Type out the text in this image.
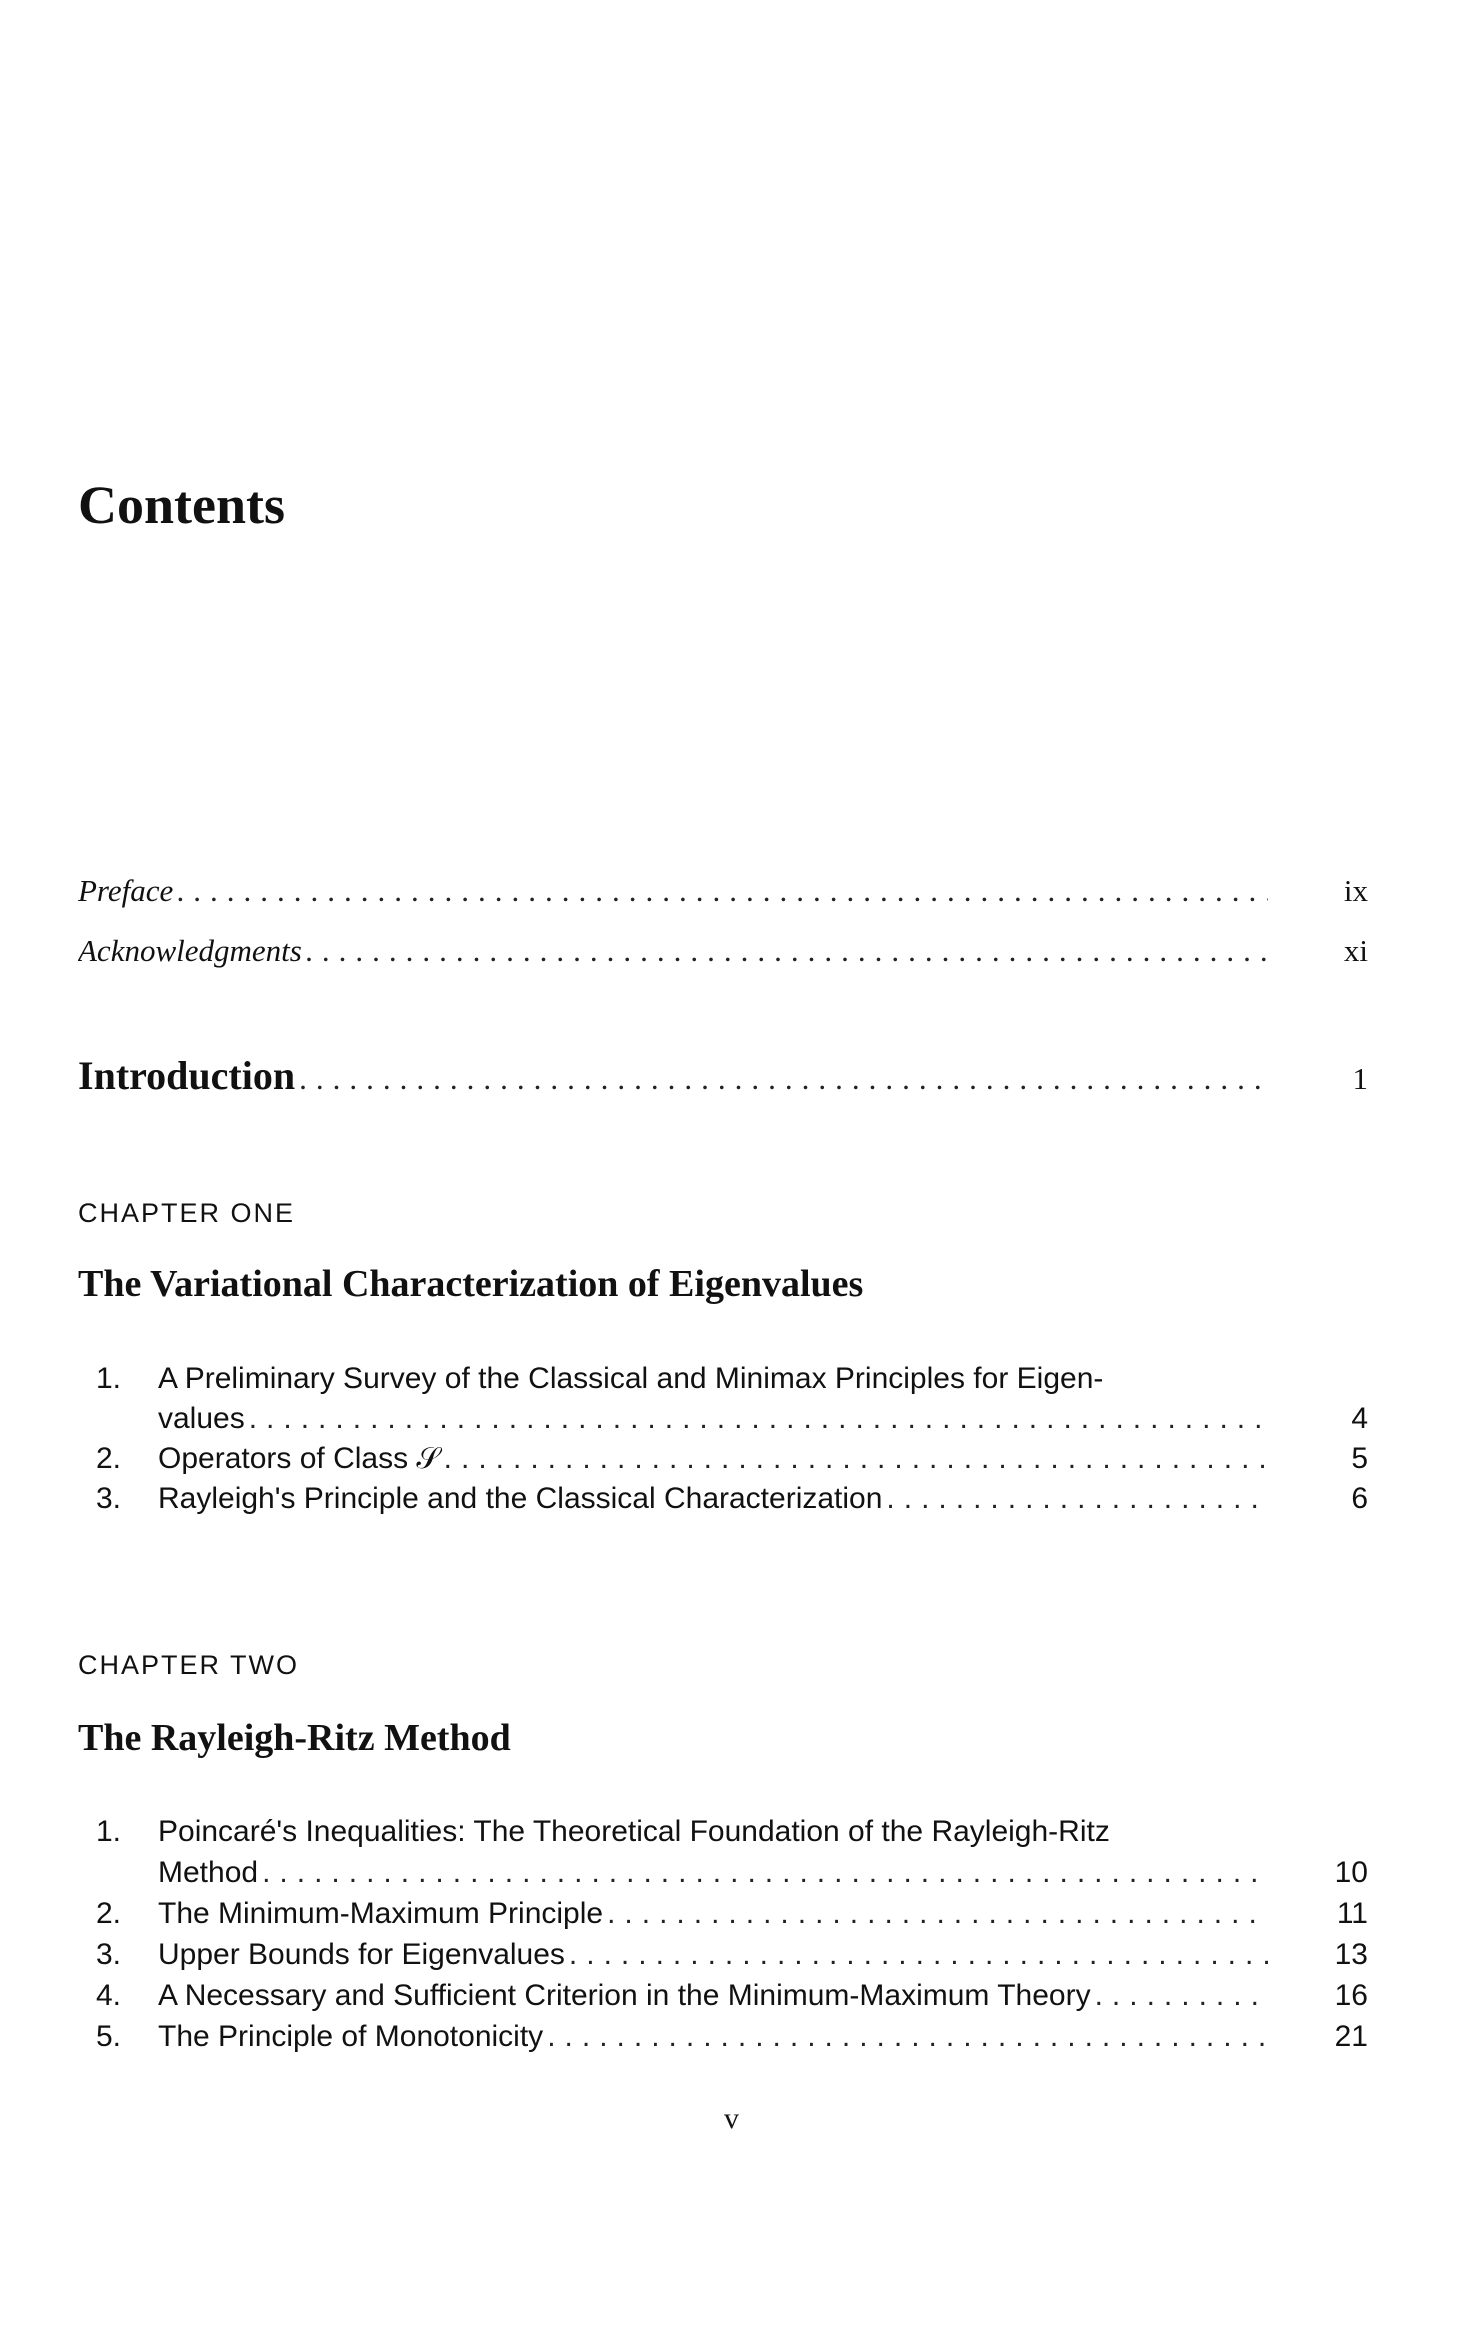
Contents
Preface .....	ix
Acknowledgments .....	xi
Introduction .....	1
CHAPTER ONE
The Variational Characterization of Eigenvalues
1.	A Preliminary Survey of the Classical and Minimax Principles for Eigen-
values .....	4
2.	Operators of Class 𝒮 .....	5
3.	Rayleigh's Principle and the Classical Characterization .....	6
CHAPTER TWO
The Rayleigh-Ritz Method
1.	Poincaré's Inequalities: The Theoretical Foundation of the Rayleigh-Ritz
Method .....	10
2.	The Minimum-Maximum Principle .....	11
3.	Upper Bounds for Eigenvalues .....	13
4.	A Necessary and Sufficient Criterion in the Minimum-Maximum Theory .....	16
5.	The Principle of Monotonicity .....	21
v
